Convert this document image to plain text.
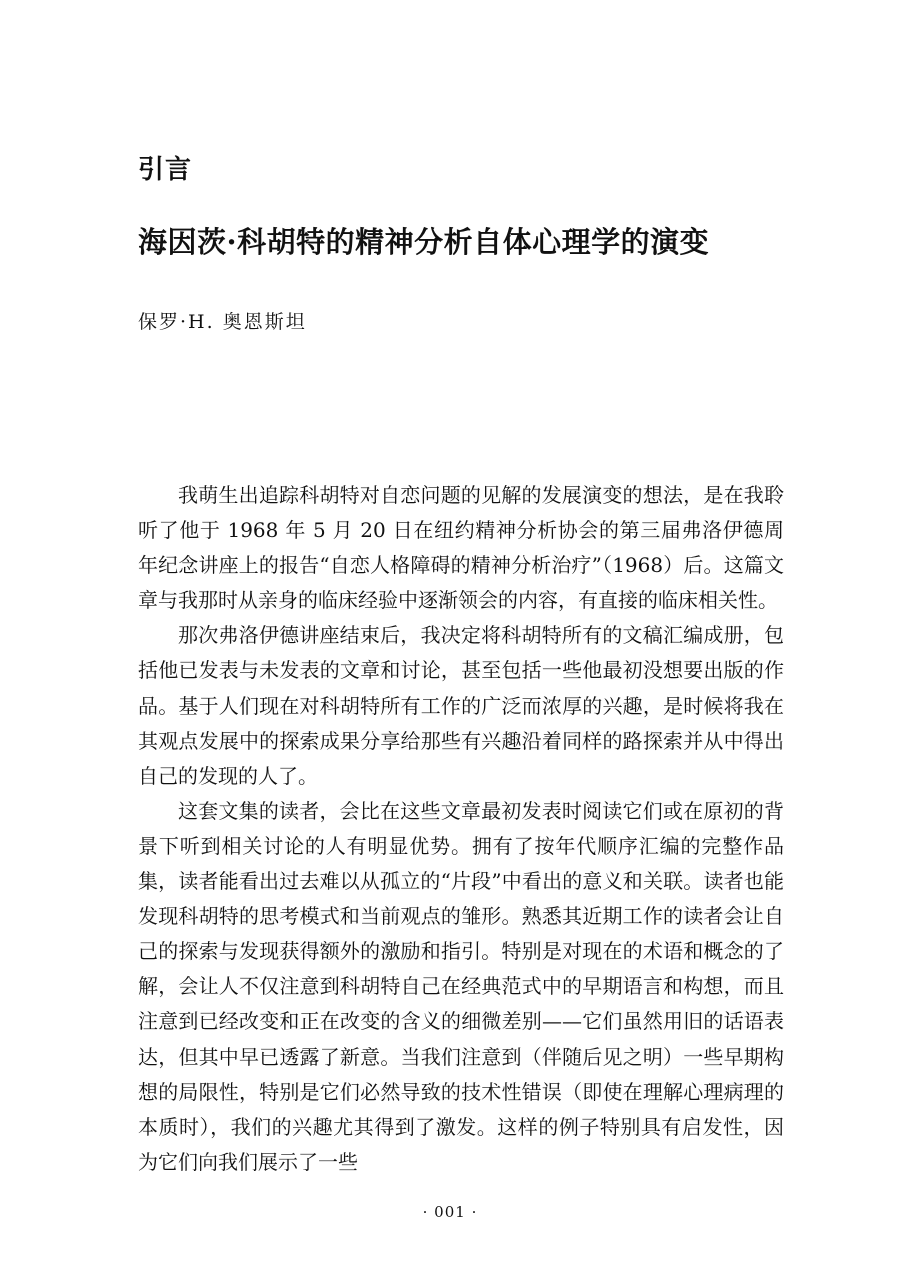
引言
海因茨·科胡特的精神分析自体心理学的演变
保罗·H. 奥恩斯坦

我萌生出追踪科胡特对自恋问题的见解的发展演变的想法，是在我聆听了他于 1968 年 5 月 20 日在纽约精神分析协会的第三届弗洛伊德周年纪念讲座上的报告“自恋人格障碍的精神分析治疗”（1968）后。这篇文章与我那时从亲身的临床经验中逐渐领会的内容，有直接的临床相关性。

那次弗洛伊德讲座结束后，我决定将科胡特所有的文稿汇编成册，包括他已发表与未发表的文章和讨论，甚至包括一些他最初没想要出版的作品。基于人们现在对科胡特所有工作的广泛而浓厚的兴趣，是时候将我在其观点发展中的探索成果分享给那些有兴趣沿着同样的路探索并从中得出自己的发现的人了。

这套文集的读者，会比在这些文章最初发表时阅读它们或在原初的背景下听到相关讨论的人有明显优势。拥有了按年代顺序汇编的完整作品集，读者能看出过去难以从孤立的“片段”中看出的意义和关联。读者也能发现科胡特的思考模式和当前观点的雏形。熟悉其近期工作的读者会让自己的探索与发现获得额外的激励和指引。特别是对现在的术语和概念的了解，会让人不仅注意到科胡特自己在经典范式中的早期语言和构想，而且注意到已经改变和正在改变的含义的细微差别——它们虽然用旧的话语表达，但其中早已透露了新意。当我们注意到（伴随后见之明）一些早期构想的局限性，特别是它们必然导致的技术性错误（即使在理解心理病理的本质时），我们的兴趣尤其得到了激发。这样的例子特别具有启发性，因为它们向我们展示了一些

· 001 ·
